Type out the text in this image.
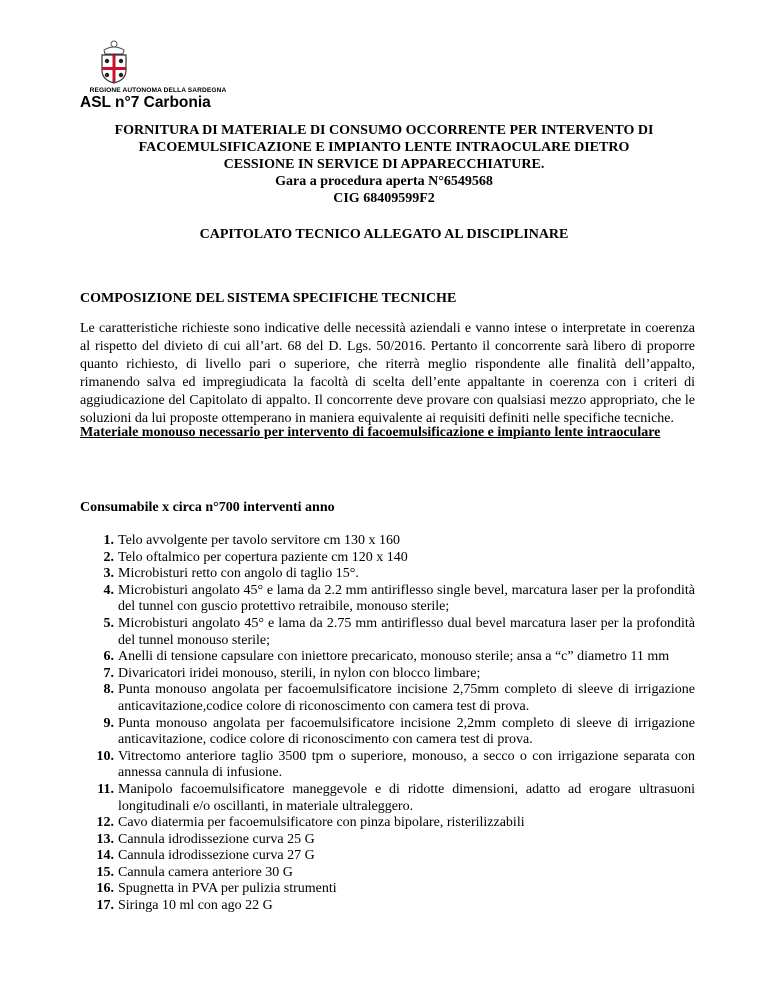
REGIONE AUTONOMA DELLA SARDEGNA
ASL n°7 Carbonia
FORNITURA DI MATERIALE DI CONSUMO OCCORRENTE PER INTERVENTO DI
FACOEMULSIFICAZIONE E IMPIANTO LENTE INTRAOCULARE DIETRO
CESSIONE IN SERVICE DI APPARECCHIATURE.
Gara a procedura aperta N°6549568
CIG 68409599F2
CAPITOLATO TECNICO ALLEGATO AL DISCIPLINARE
COMPOSIZIONE DEL SISTEMA SPECIFICHE TECNICHE
Le caratteristiche richieste sono indicative delle necessità aziendali e vanno intese o interpretate in coerenza al rispetto del divieto di cui all’art. 68 del D. Lgs. 50/2016. Pertanto il concorrente sarà libero di proporre quanto richiesto, di livello pari o superiore, che riterrà meglio rispondente alle finalità dell’appalto, rimanendo salva ed impregiudicata la facoltà di scelta dell’ente appaltante in coerenza con i criteri di aggiudicazione del Capitolato di appalto. Il concorrente deve provare con qualsiasi mezzo appropriato, che le soluzioni da lui proposte ottemperano in maniera equivalente ai requisiti definiti nelle specifiche tecniche.
Materiale monouso necessario per intervento di facoemulsificazione e impianto lente intraoculare
Consumabile x circa n°700 interventi anno
1. Telo avvolgente per tavolo servitore cm 130 x 160
2. Telo oftalmico per copertura paziente cm 120 x 140
3. Microbisturi retto con angolo di taglio 15°.
4. Microbisturi angolato 45° e lama da 2.2 mm antiriflesso single bevel, marcatura laser per la profondità del tunnel con guscio protettivo retraibile, monouso sterile;
5. Microbisturi angolato 45° e lama da 2.75 mm antiriflesso dual bevel marcatura laser per la profondità del tunnel monouso sterile;
6. Anelli di tensione capsulare con iniettore precaricato, monouso sterile; ansa a “c” diametro 11 mm
7. Divaricatori iridei monouso, sterili, in nylon con blocco limbare;
8. Punta monouso angolata per facoemulsificatore incisione 2,75mm completo di sleeve di irrigazione anticavitazione,codice colore di riconoscimento con camera test di prova.
9. Punta monouso angolata per facoemulsificatore incisione 2,2mm completo di sleeve di irrigazione anticavitazione, codice colore di riconoscimento con camera test di prova.
10. Vitrectomo anteriore taglio 3500 tpm o superiore, monouso, a secco o con irrigazione separata con annessa cannula di infusione.
11. Manipolo facoemulsificatore maneggevole e di ridotte dimensioni, adatto ad erogare ultrasuoni longitudinali e/o oscillanti, in materiale ultraleggero.
12. Cavo diatermia per facoemulsificatore con pinza bipolare, risterilizzabili
13. Cannula idrodissezione curva 25 G
14. Cannula idrodissezione curva 27 G
15. Cannula camera anteriore 30 G
16. Spugnetta in PVA per pulizia strumenti
17. Siringa 10 ml con ago 22 G
